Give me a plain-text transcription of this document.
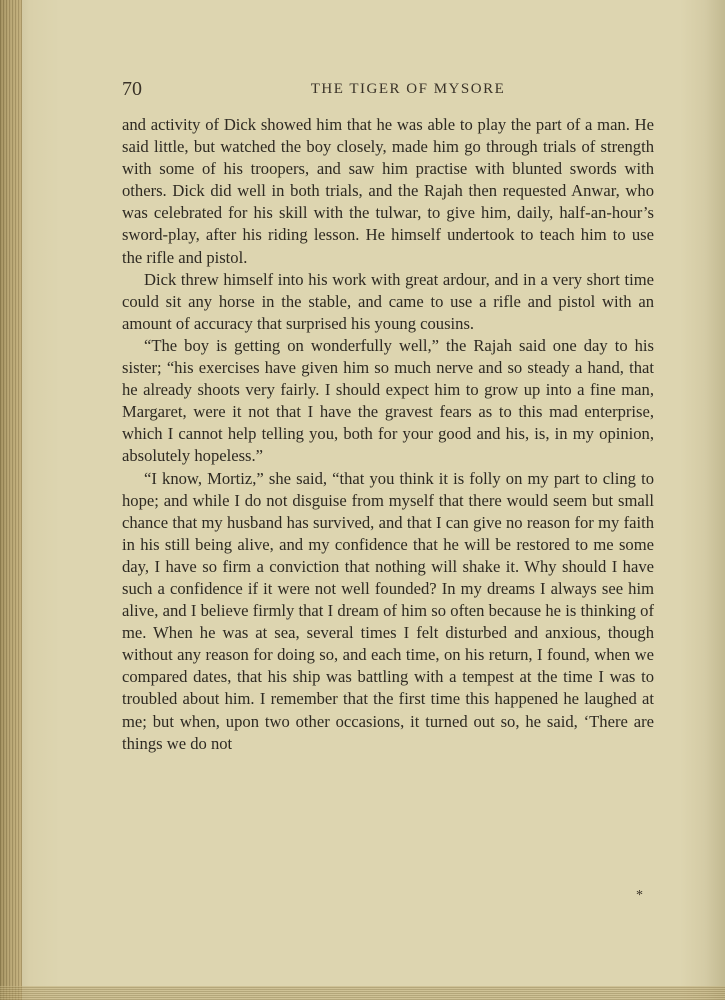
70	THE TIGER OF MYSORE

and activity of Dick showed him that he was able to play the part of a man. He said little, but watched the boy closely, made him go through trials of strength with some of his troopers, and saw him practise with blunted swords with others. Dick did well in both trials, and the Rajah then requested Anwar, who was celebrated for his skill with the tulwar, to give him, daily, half-an-hour’s sword-play, after his riding lesson. He himself undertook to teach him to use the rifle and pistol.

Dick threw himself into his work with great ardour, and in a very short time could sit any horse in the stable, and came to use a rifle and pistol with an amount of accuracy that surprised his young cousins.

“The boy is getting on wonderfully well,” the Rajah said one day to his sister; “his exercises have given him so much nerve and so steady a hand, that he already shoots very fairly. I should expect him to grow up into a fine man, Margaret, were it not that I have the gravest fears as to this mad enterprise, which I cannot help telling you, both for your good and his, is, in my opinion, absolutely hopeless.”

“I know, Mortiz,” she said, “that you think it is folly on my part to cling to hope; and while I do not disguise from myself that there would seem but small chance that my husband has survived, and that I can give no reason for my faith in his still being alive, and my confidence that he will be restored to me some day, I have so firm a conviction that nothing will shake it. Why should I have such a confidence if it were not well founded? In my dreams I always see him alive, and I believe firmly that I dream of him so often because he is thinking of me. When he was at sea, several times I felt disturbed and anxious, though without any reason for doing so, and each time, on his return, I found, when we compared dates, that his ship was battling with a tempest at the time I was to troubled about him. I remember that the first time this happened he laughed at me; but when, upon two other occasions, it turned out so, he said, ‘There are things we do not

*
